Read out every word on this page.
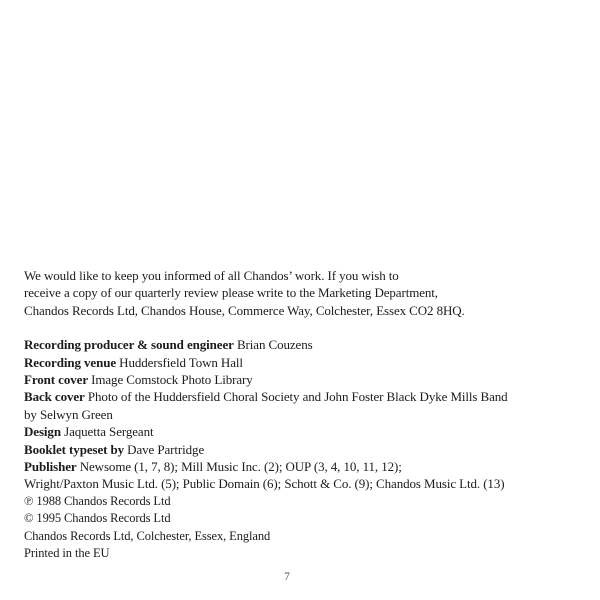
We would like to keep you informed of all Chandos’ work. If you wish to
receive a copy of our quarterly review please write to the Marketing Department,
Chandos Records Ltd, Chandos House, Commerce Way, Colchester, Essex CO2 8HQ.
Recording producer & sound engineer Brian Couzens
Recording venue Huddersfield Town Hall
Front cover Image Comstock Photo Library
Back cover Photo of the Huddersfield Choral Society and John Foster Black Dyke Mills Band
by Selwyn Green
Design Jaquetta Sergeant
Booklet typeset by Dave Partridge
Publisher Newsome (1, 7, 8); Mill Music Inc. (2); OUP (3, 4, 10, 11, 12);
Wright/Paxton Music Ltd. (5); Public Domain (6); Schott & Co. (9); Chandos Music Ltd. (13)
℗ 1988 Chandos Records Ltd
© 1995 Chandos Records Ltd
Chandos Records Ltd, Colchester, Essex, England
Printed in the EU
7
